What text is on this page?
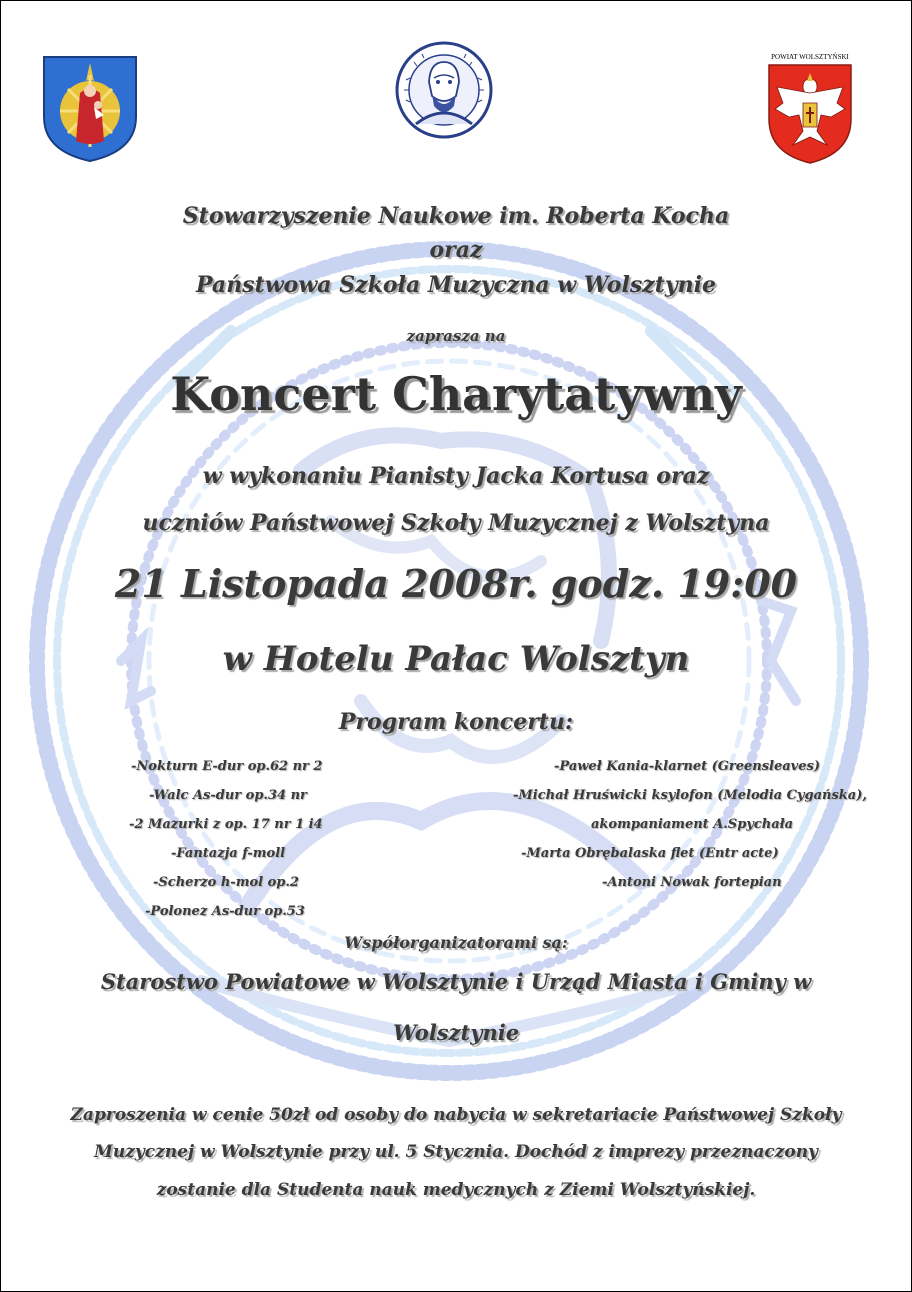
POWIAT WOLSZTYŃSKI
Stowarzyszenie Naukowe im. Roberta Kocha
oraz
Państwowa Szkoła Muzyczna w Wolsztynie
zaprasza na
Koncert Charytatywny
w wykonaniu Pianisty Jacka Kortusa oraz
uczniów Państwowej Szkoły Muzycznej z Wolsztyna
21 Listopada 2008r. godz. 19:00
w Hotelu Pałac Wolsztyn
Program koncertu:
-Nokturn E-dur op.62 nr 2
-Walc As-dur op.34 nr
-2 Mazurki z op. 17 nr 1 i4
-Fantazja f-moll
-Scherzo h-mol op.2
-Polonez As-dur op.53
-Paweł Kania-klarnet (Greensleaves)
-Michał Hruświcki ksylofon (Melodia Cygańska),
akompaniament A.Spychała
-Marta Obrębalaska flet (Entr acte)
-Antoni Nowak fortepian
Współorganizatorami są:
Starostwo Powiatowe w Wolsztynie i Urząd Miasta i Gminy w
Wolsztynie
Zaproszenia w cenie 50zł od osoby do nabycia w sekretariacie Państwowej Szkoły
Muzycznej w Wolsztynie przy ul. 5 Stycznia. Dochód z imprezy przeznaczony
zostanie dla Studenta nauk medycznych z Ziemi Wolsztyńskiej.
